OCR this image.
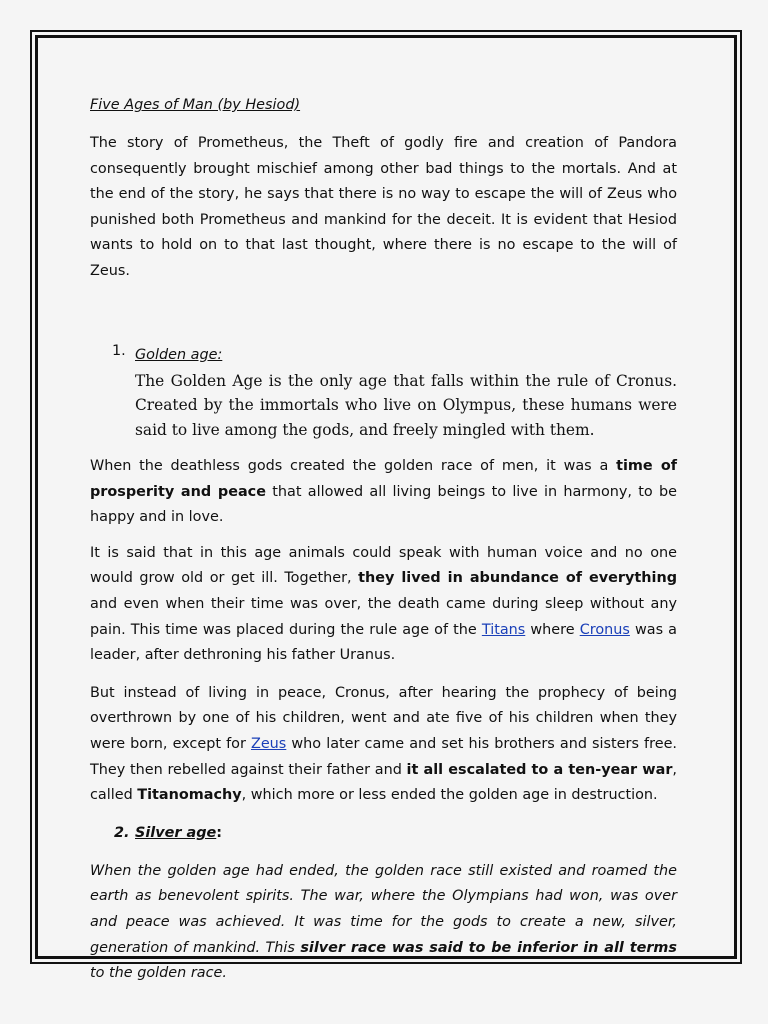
Five Ages of Man (by Hesiod)

The story of Prometheus, the Theft of godly fire and creation of Pandora consequently brought mischief among other bad things to the mortals. And at the end of the story, he says that there is no way to escape the will of Zeus who punished both Prometheus and mankind for the deceit. It is evident that Hesiod wants to hold on to that last thought, where there is no escape to the will of Zeus.

1. Golden age:
The Golden Age is the only age that falls within the rule of Cronus. Created by the immortals who live on Olympus, these humans were said to live among the gods, and freely mingled with them.

When the deathless gods created the golden race of men, it was a time of prosperity and peace that allowed all living beings to live in harmony, to be happy and in love.

It is said that in this age animals could speak with human voice and no one would grow old or get ill. Together, they lived in abundance of everything and even when their time was over, the death came during sleep without any pain. This time was placed during the rule age of the Titans where Cronus was a leader, after dethroning his father Uranus.

But instead of living in peace, Cronus, after hearing the prophecy of being overthrown by one of his children, went and ate five of his children when they were born, except for Zeus who later came and set his brothers and sisters free. They then rebelled against their father and it all escalated to a ten-year war, called Titanomachy, which more or less ended the golden age in destruction.

2. Silver age:

When the golden age had ended, the golden race still existed and roamed the earth as benevolent spirits. The war, where the Olympians had won, was over and peace was achieved. It was time for the gods to create a new, silver, generation of mankind. This silver race was said to be inferior in all terms to the golden race.
